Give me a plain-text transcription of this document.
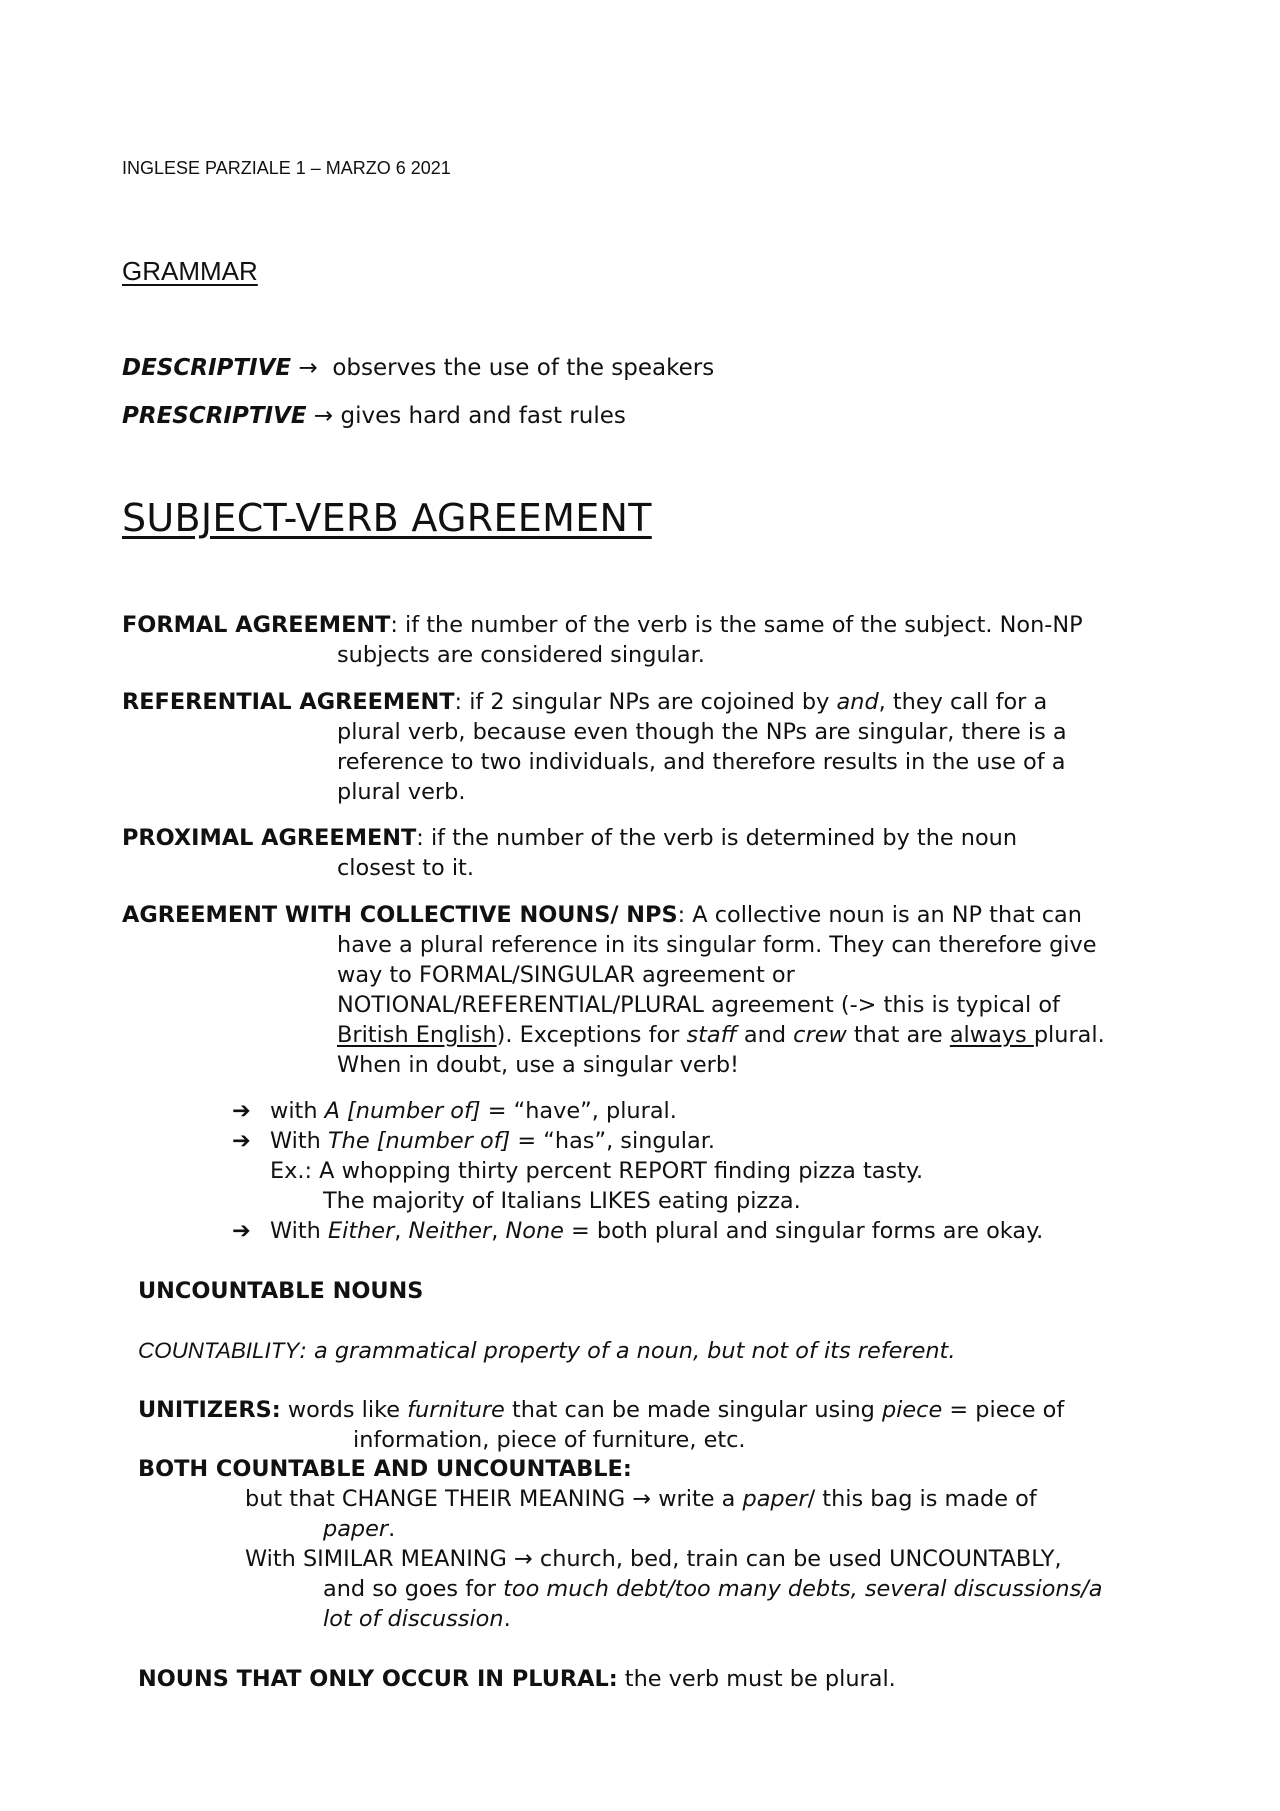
INGLESE PARZIALE 1 – MARZO 6 2021
GRAMMAR
DESCRIPTIVE → observes the use of the speakers
PRESCRIPTIVE → gives hard and fast rules
SUBJECT-VERB AGREEMENT
FORMAL AGREEMENT: if the number of the verb is the same of the subject. Non-NP
subjects are considered singular.
REFERENTIAL AGREEMENT: if 2 singular NPs are cojoined by and, they call for a
plural verb, because even though the NPs are singular, there is a
reference to two individuals, and therefore results in the use of a
plural verb.
PROXIMAL AGREEMENT: if the number of the verb is determined by the noun
closest to it.
AGREEMENT WITH COLLECTIVE NOUNS/ NPS: A collective noun is an NP that can
have a plural reference in its singular form. They can therefore give
way to FORMAL/SINGULAR agreement or
NOTIONAL/REFERENTIAL/PLURAL agreement (-> this is typical of
British English). Exceptions for staff and crew that are always plural.
When in doubt, use a singular verb!
➔ with A [number of] = “have”, plural.
➔ With The [number of] = “has”, singular.
Ex.: A whopping thirty percent REPORT finding pizza tasty.
The majority of Italians LIKES eating pizza.
➔ With Either, Neither, None = both plural and singular forms are okay.
UNCOUNTABLE NOUNS
COUNTABILITY: a grammatical property of a noun, but not of its referent.
UNITIZERS: words like furniture that can be made singular using piece = piece of
information, piece of furniture, etc.
BOTH COUNTABLE AND UNCOUNTABLE:
but that CHANGE THEIR MEANING → write a paper/ this bag is made of
paper.
With SIMILAR MEANING → church, bed, train can be used UNCOUNTABLY,
and so goes for too much debt/too many debts, several discussions/a
lot of discussion.
NOUNS THAT ONLY OCCUR IN PLURAL: the verb must be plural.
